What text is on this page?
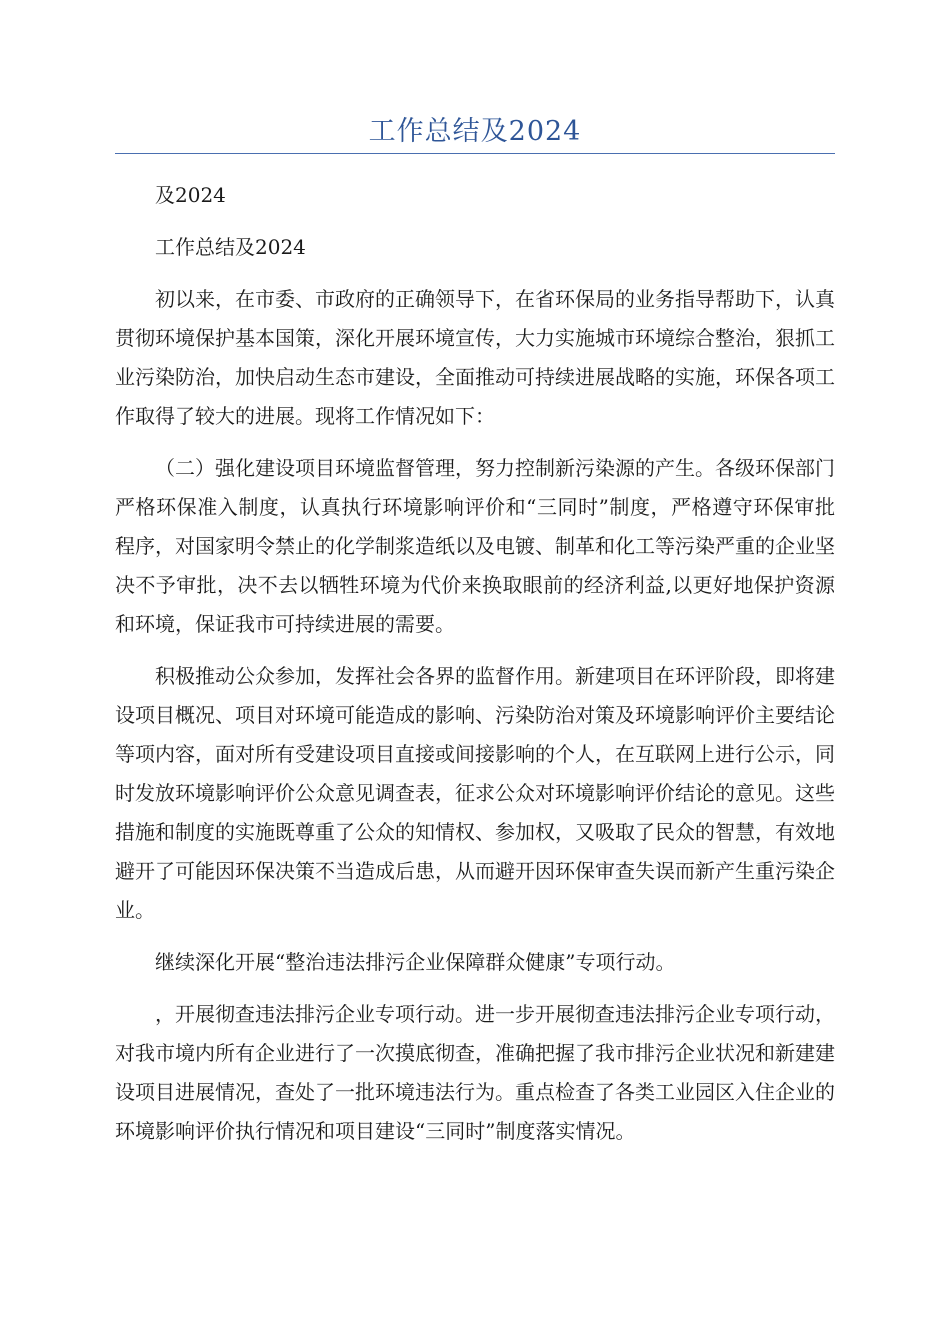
工作总结及2024

及2024

工作总结及2024

初以来，在市委、市政府的正确领导下，在省环保局的业务指导帮助下，认真贯彻环境保护基本国策，深化开展环境宣传，大力实施城市环境综合整治，狠抓工业污染防治，加快启动生态市建设，全面推动可持续进展战略的实施，环保各项工作取得了较大的进展。现将工作情况如下：

（二）强化建设项目环境监督管理，努力控制新污染源的产生。各级环保部门严格环保准入制度，认真执行环境影响评价和“三同时”制度，严格遵守环保审批程序，对国家明令禁止的化学制浆造纸以及电镀、制革和化工等污染严重的企业坚决不予审批，决不去以牺牲环境为代价来换取眼前的经济利益,以更好地保护资源和环境，保证我市可持续进展的需要。

积极推动公众参加，发挥社会各界的监督作用。新建项目在环评阶段，即将建设项目概况、项目对环境可能造成的影响、污染防治对策及环境影响评价主要结论等项内容，面对所有受建设项目直接或间接影响的个人，在互联网上进行公示，同时发放环境影响评价公众意见调查表，征求公众对环境影响评价结论的意见。这些措施和制度的实施既尊重了公众的知情权、参加权，又吸取了民众的智慧，有效地避开了可能因环保决策不当造成后患，从而避开因环保审查失误而新产生重污染企业。

继续深化开展“整治违法排污企业保障群众健康”专项行动。

，开展彻查违法排污企业专项行动。进一步开展彻查违法排污企业专项行动，对我市境内所有企业进行了一次摸底彻查，准确把握了我市排污企业状况和新建建设项目进展情况，查处了一批环境违法行为。重点检查了各类工业园区入住企业的环境影响评价执行情况和项目建设“三同时”制度落实情况。
